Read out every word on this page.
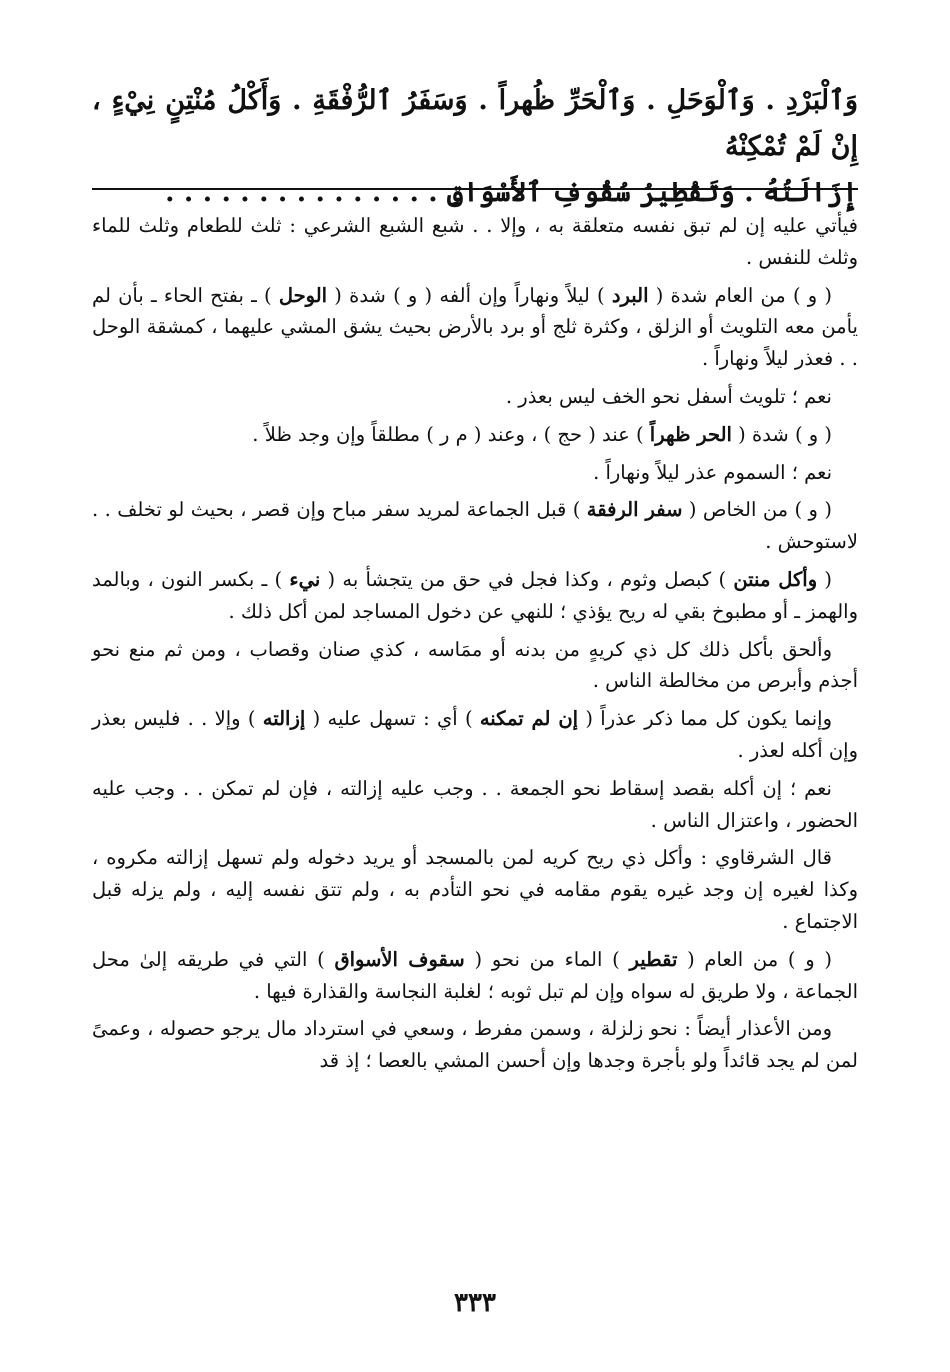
وَٱلْبَرْدِ . وَٱلْوَحَلِ . وَٱلْحَرِّ ظُهراً . وَسَفَرُ ٱلرُّفْقَةِ . وَأَكْلُ مُنْتِنٍ نِيْءٍ ، إِنْ لَمْ تُمْكِنْهُ
إِزَالَتُهُ . وَتَقْطِيرُ سُقُوفِ ٱلأَسْوَاقِ . . . . . . . . . . . . . . .

فيأتي عليه إن لم تبق نفسه متعلقة به ، وإلا . . شبع الشبع الشرعي : ثلث للطعام وثلث للماء وثلث للنفس .

( و ) من العام شدة ( البرد ) ليلاً ونهاراً وإن ألفه ( و ) شدة ( الوحل ) ـ بفتح الحاء ـ بأن لم يأمن معه التلويث أو الزلق ، وكثرة ثلج أو برد بالأرض بحيث يشق المشي عليهما ، كمشقة الوحل . . فعذر ليلاً ونهاراً .

نعم ؛ تلويث أسفل نحو الخف ليس بعذر .

( و ) شدة ( الحر ظهراً ) عند ( حج ) ، وعند ( م ر ) مطلقاً وإن وجد ظلاً .

نعم ؛ السموم عذر ليلاً ونهاراً .

( و ) من الخاص ( سفر الرفقة ) قبل الجماعة لمريد سفر مباح وإن قصر ، بحيث لو تخلف . . لاستوحش .

( وأكل منتن ) كبصل وثوم ، وكذا فجل في حق من يتجشأ به ( نيء ) ـ بكسر النون ، وبالمد والهمز ـ أو مطبوخ بقي له ريح يؤذي ؛ للنهي عن دخول المساجد لمن أكل ذلك .

وألحق بأكل ذلك كل ذي كريهٍ من بدنه أو ممَاسه ، كذي صنان وقصاب ، ومن ثم منع نحو أجذم وأبرص من مخالطة الناس .

وإنما يكون كل مما ذكر عذراً ( إن لم تمكنه ) أي : تسهل عليه ( إزالته ) وإلا . . فليس بعذر وإن أكله لعذر .

نعم ؛ إن أكله بقصد إسقاط نحو الجمعة . . وجب عليه إزالته ، فإن لم تمكن . . وجب عليه الحضور ، واعتزال الناس .

قال الشرقاوي : وأكل ذي ريح كريه لمن بالمسجد أو يريد دخوله ولم تسهل إزالته مكروه ، وكذا لغيره إن وجد غيره يقوم مقامه في نحو التأدم به ، ولم تتق نفسه إليه ، ولم يزله قبل الاجتماع .

( و ) من العام ( تقطير ) الماء من نحو ( سقوف الأسواق ) التي في طريقه إلىٰ محل الجماعة ، ولا طريق له سواه وإن لم تبل ثوبه ؛ لغلبة النجاسة والقذارة فيها .

ومن الأعذار أيضاً : نحو زلزلة ، وسمن مفرط ، وسعي في استرداد مال يرجو حصوله ، وعمىً لمن لم يجد قائداً ولو بأجرة وجدها وإن أحسن المشي بالعصا ؛ إذ قد

٣٣٣
